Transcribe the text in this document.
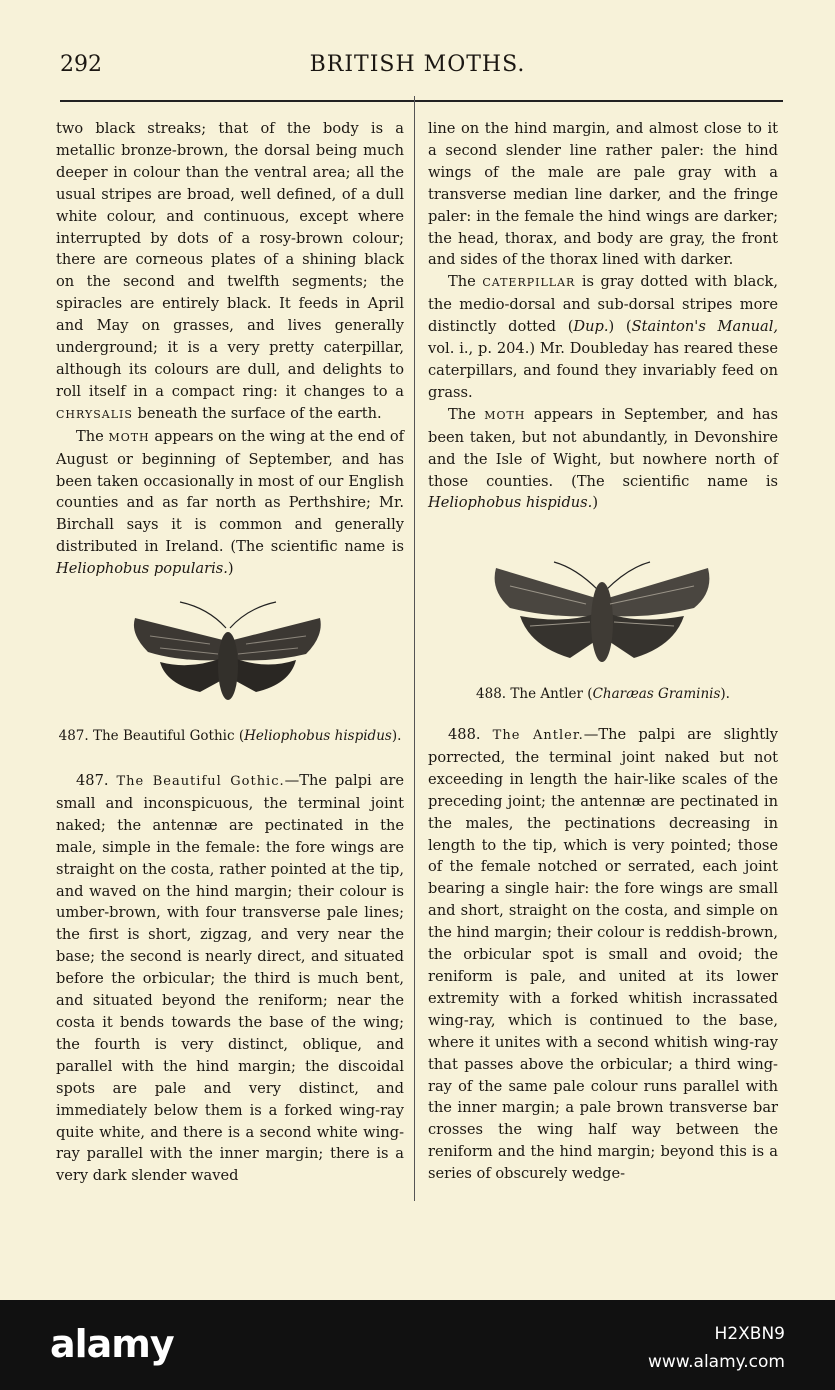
292	BRITISH MOTHS.

two black streaks; that of the body is a metallic bronze-brown, the dorsal being much deeper in colour than the ventral area; all the usual stripes are broad, well defined, of a dull white colour, and continuous, except where interrupted by dots of a rosy-brown colour; there are corneous plates of a shining black on the second and twelfth segments; the spiracles are entirely black. It feeds in April and May on grasses, and lives generally underground; it is a very pretty caterpillar, although its colours are dull, and delights to roll itself in a compact ring: it changes to a CHRYSALIS beneath the surface of the earth.

The MOTH appears on the wing at the end of August or beginning of September, and has been taken occasionally in most of our English counties and as far north as Perthshire; Mr. Birchall says it is common and generally distributed in Ireland. (The scientific name is Heliophobus popularis.)

487. The Beautiful Gothic (Heliophobus hispidus).

487. The Beautiful Gothic.—The palpi are small and inconspicuous, the terminal joint naked; the antennæ are pectinated in the male, simple in the female: the fore wings are straight on the costa, rather pointed at the tip, and waved on the hind margin; their colour is umber-brown, with four transverse pale lines; the first is short, zigzag, and very near the base; the second is nearly direct, and situated before the orbicular; the third is much bent, and situated beyond the reniform; near the costa it bends towards the base of the wing; the fourth is very distinct, oblique, and parallel with the hind margin; the discoidal spots are pale and very distinct, and immediately below them is a forked wing-ray quite white, and there is a second white wing-ray parallel with the inner margin; there is a very dark slender waved

line on the hind margin, and almost close to it a second slender line rather paler: the hind wings of the male are pale gray with a transverse median line darker, and the fringe paler: in the female the hind wings are darker; the head, thorax, and body are gray, the front and sides of the thorax lined with darker.

The CATERPILLAR is gray dotted with black, the medio-dorsal and sub-dorsal stripes more distinctly dotted (Dup.) (Stainton's Manual, vol. i., p. 204.) Mr. Doubleday has reared these caterpillars, and found they invariably feed on grass.

The MOTH appears in September, and has been taken, but not abundantly, in Devonshire and the Isle of Wight, but nowhere north of those counties. (The scientific name is Heliophobus hispidus.)

488. The Antler (Charæas Graminis).

488. The Antler.—The palpi are slightly porrected, the terminal joint naked but not exceeding in length the hair-like scales of the preceding joint; the antennæ are pectinated in the males, the pectinations decreasing in length to the tip, which is very pointed; those of the female notched or serrated, each joint bearing a single hair: the fore wings are small and short, straight on the costa, and simple on the hind margin; their colour is reddish-brown, the orbicular spot is small and ovoid; the reniform is pale, and united at its lower extremity with a forked whitish incrassated wing-ray, which is continued to the base, where it unites with a second whitish wing-ray that passes above the orbicular; a third wing-ray of the same pale colour runs parallel with the inner margin; a pale brown transverse bar crosses the wing half way between the reniform and the hind margin; beyond this is a series of obscurely wedge-

alamy	H2XBN9
www.alamy.com
